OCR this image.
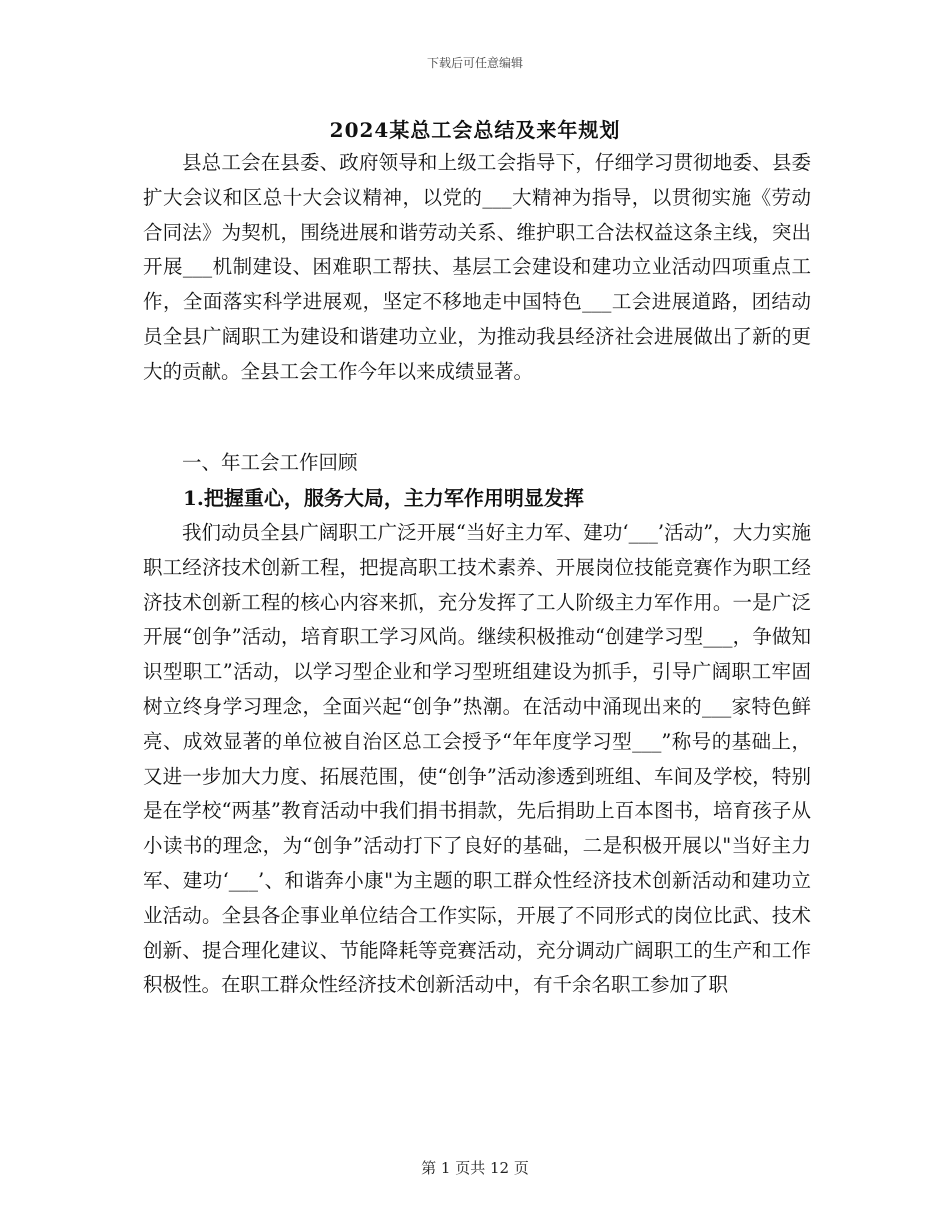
下载后可任意编辑
2024某总工会总结及来年规划

县总工会在县委、政府领导和上级工会指导下，仔细学习贯彻地委、县委扩大会议和区总十大会议精神，以党的___大精神为指导，以贯彻实施《劳动合同法》为契机，围绕进展和谐劳动关系、维护职工合法权益这条主线，突出开展___机制建设、困难职工帮扶、基层工会建设和建功立业活动四项重点工作，全面落实科学进展观，坚定不移地走中国特色___工会进展道路，团结动员全县广阔职工为建设和谐建功立业，为推动我县经济社会进展做出了新的更大的贡献。全县工会工作今年以来成绩显著。

一、年工会工作回顾

1.把握重心，服务大局，主力军作用明显发挥

我们动员全县广阔职工广泛开展“当好主力军、建功‘___’活动”，大力实施职工经济技术创新工程，把提高职工技术素养、开展岗位技能竞赛作为职工经济技术创新工程的核心内容来抓，充分发挥了工人阶级主力军作用。一是广泛开展“创争”活动，培育职工学习风尚。继续积极推动“创建学习型___，争做知识型职工”活动，以学习型企业和学习型班组建设为抓手，引导广阔职工牢固树立终身学习理念，全面兴起“创争”热潮。在活动中涌现出来的___家特色鲜亮、成效显著的单位被自治区总工会授予“年年度学习型___”称号的基础上，又进一步加大力度、拓展范围，使“创争”活动渗透到班组、车间及学校，特别是在学校“两基”教育活动中我们捐书捐款，先后捐助上百本图书，培育孩子从小读书的理念，为“创争”活动打下了良好的基础，二是积极开展以"当好主力军、建功‘___’、和谐奔小康"为主题的职工群众性经济技术创新活动和建功立业活动。全县各企事业单位结合工作实际，开展了不同形式的岗位比武、技术创新、提合理化建议、节能降耗等竞赛活动，充分调动广阔职工的生产和工作积极性。在职工群众性经济技术创新活动中，有千余名职工参加了职

第 1 页共 12 页
